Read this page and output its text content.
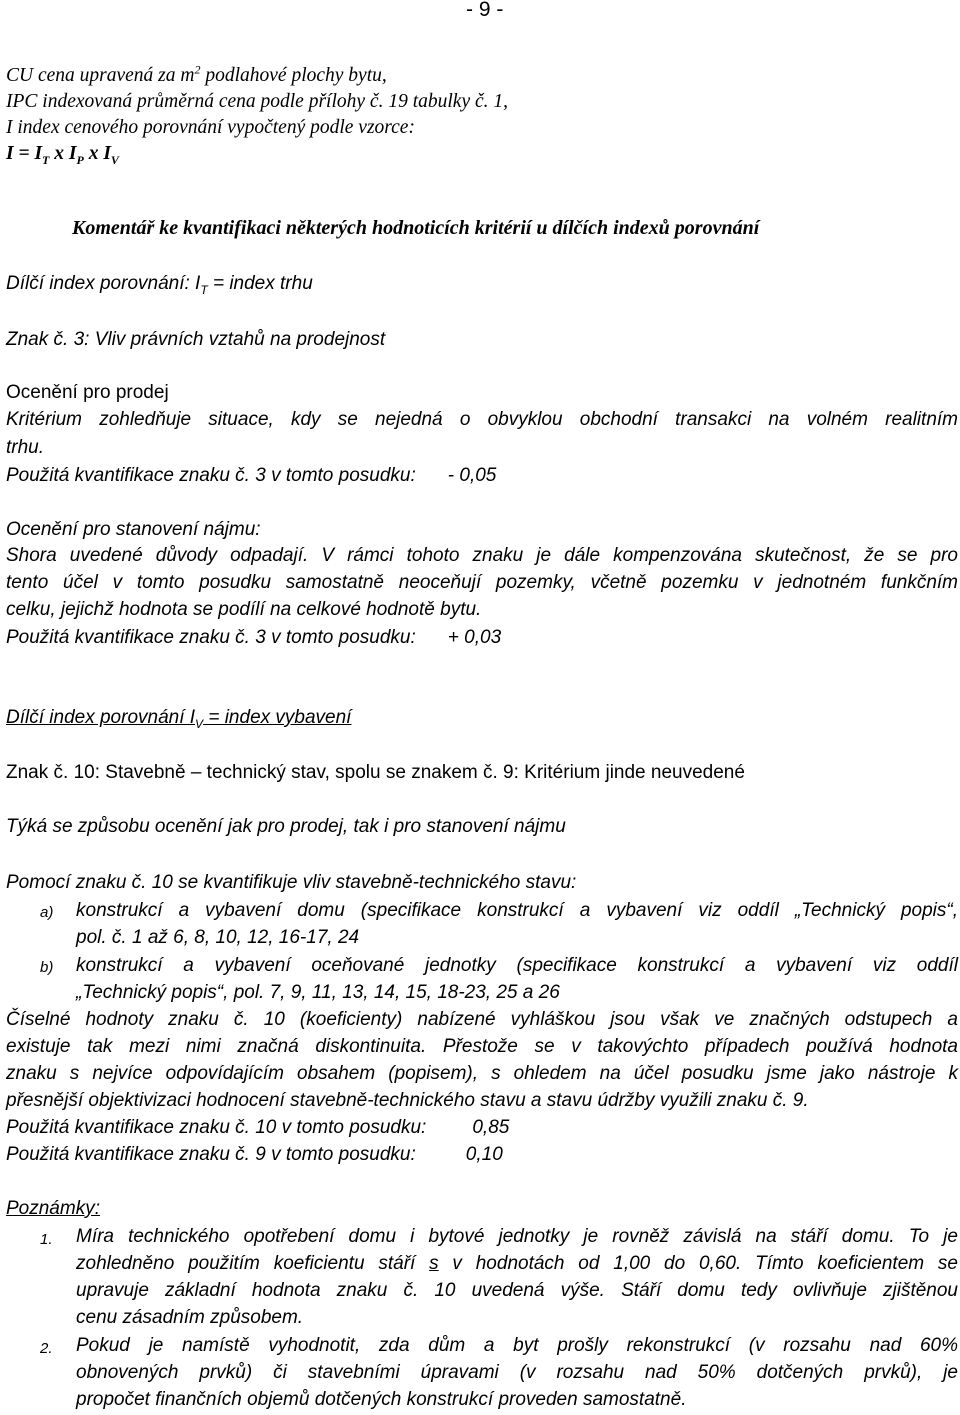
- 9 -
CU cena upravená za $m^2$ podlahové plochy bytu,
IPC indexovaná průměrná cena podle přílohy č. 19 tabulky č. 1,
I index cenového porovnání vypočtený podle vzorce:
$I = I_T$ x $I_P$ x $I_V$
Komentář ke kvantifikaci některých hodnoticích kritérií u dílčích indexů porovnání
Dílčí index porovnání: $I_T$ = index trhu
Znak č. 3: Vliv právních vztahů na prodejnost
Ocenění pro prodej
Kritérium zohledňuje situace, kdy se nejedná o obvyklou obchodní transakci na volném realitním
trhu.
Použitá kvantifikace znaku č. 3 v tomto posudku: - 0,05
Ocenění pro stanovení nájmu:
Shora uvedené důvody odpadají. V rámci tohoto znaku je dále kompenzována skutečnost, že se pro
tento účel v tomto posudku samostatně neoceňují pozemky, včetně pozemku v jednotném funkčním
celku, jejichž hodnota se podílí na celkové hodnotě bytu.
Použitá kvantifikace znaku č. 3 v tomto posudku: + 0,03
Dílčí index porovnání $I_V$ = index vybavení
Znak č. 10: Stavebně – technický stav, spolu se znakem č. 9: Kritérium jinde neuvedené
Týká se způsobu ocenění jak pro prodej, tak i pro stanovení nájmu
Pomocí znaku č. 10 se kvantifikuje vliv stavebně-technického stavu:
a) konstrukcí a vybavení domu (specifikace konstrukcí a vybavení viz oddíl „Technický popis“,
pol. č. 1 až 6, 8, 10, 12, 16-17, 24
b) konstrukcí a vybavení oceňované jednotky (specifikace konstrukcí a vybavení viz oddíl
„Technický popis“, pol. 7, 9, 11, 13, 14, 15, 18-23, 25 a 26
Číselné hodnoty znaku č. 10 (koeficienty) nabízené vyhláškou jsou však ve značných odstupech a
existuje tak mezi nimi značná diskontinuita. Přestože se v takovýchto případech používá hodnota
znaku s nejvíce odpovídajícím obsahem (popisem), s ohledem na účel posudku jsme jako nástroje k
přesnější objektivizaci hodnocení stavebně-technického stavu a stavu údržby využili znaku č. 9.
Použitá kvantifikace znaku č. 10 v tomto posudku: 0,85
Použitá kvantifikace znaku č. 9 v tomto posudku:	0,10
Poznámky:
1. Míra technického opotřebení domu i bytové jednotky je rovněž závislá na stáří domu. To je
zohledněno použitím koeficientu stáří s v hodnotách od 1,00 do 0,60. Tímto koeficientem se
upravuje základní hodnota znaku č. 10 uvedená výše. Stáří domu tedy ovlivňuje zjištěnou
cenu zásadním způsobem.
2. Pokud je namístě vyhodnotit, zda dům a byt prošly rekonstrukcí (v rozsahu nad 60%
obnovených prvků) či stavebními úpravami (v rozsahu nad 50% dotčených prvků), je
propočet finančních objemů dotčených konstrukcí proveden samostatně.
